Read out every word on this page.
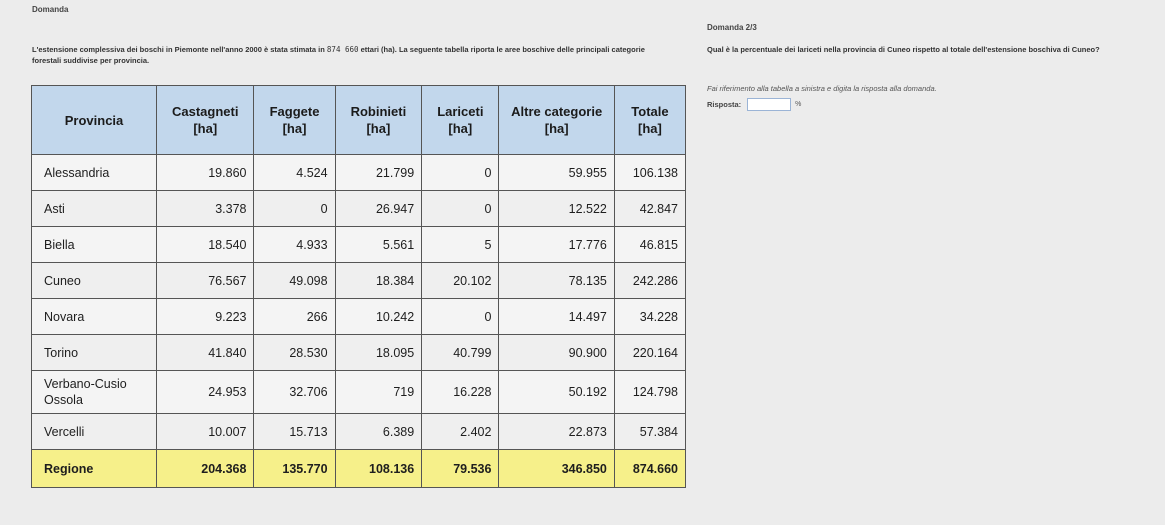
Domanda
L'estensione complessiva dei boschi in Piemonte nell'anno 2000 è stata stimata in 874 660 ettari (ha). La seguente tabella riporta le aree boschive delle principali categorie forestali suddivise per provincia.
Domanda 2/3
Qual è la percentuale dei lariceti nella provincia di Cuneo rispetto al totale dell'estensione boschiva di Cuneo?
Fai riferimento alla tabella a sinistra e digita la risposta alla domanda.
Risposta:	%
Provincia	Castagneti [ha]	Faggete [ha]	Robinieti [ha]	Lariceti [ha]	Altre categorie [ha]	Totale [ha]
Alessandria	19.860	4.524	21.799	0	59.955	106.138
Asti	3.378	0	26.947	0	12.522	42.847
Biella	18.540	4.933	5.561	5	17.776	46.815
Cuneo	76.567	49.098	18.384	20.102	78.135	242.286
Novara	9.223	266	10.242	0	14.497	34.228
Torino	41.840	28.530	18.095	40.799	90.900	220.164
Verbano-Cusio Ossola	24.953	32.706	719	16.228	50.192	124.798
Vercelli	10.007	15.713	6.389	2.402	22.873	57.384
Regione	204.368	135.770	108.136	79.536	346.850	874.660
